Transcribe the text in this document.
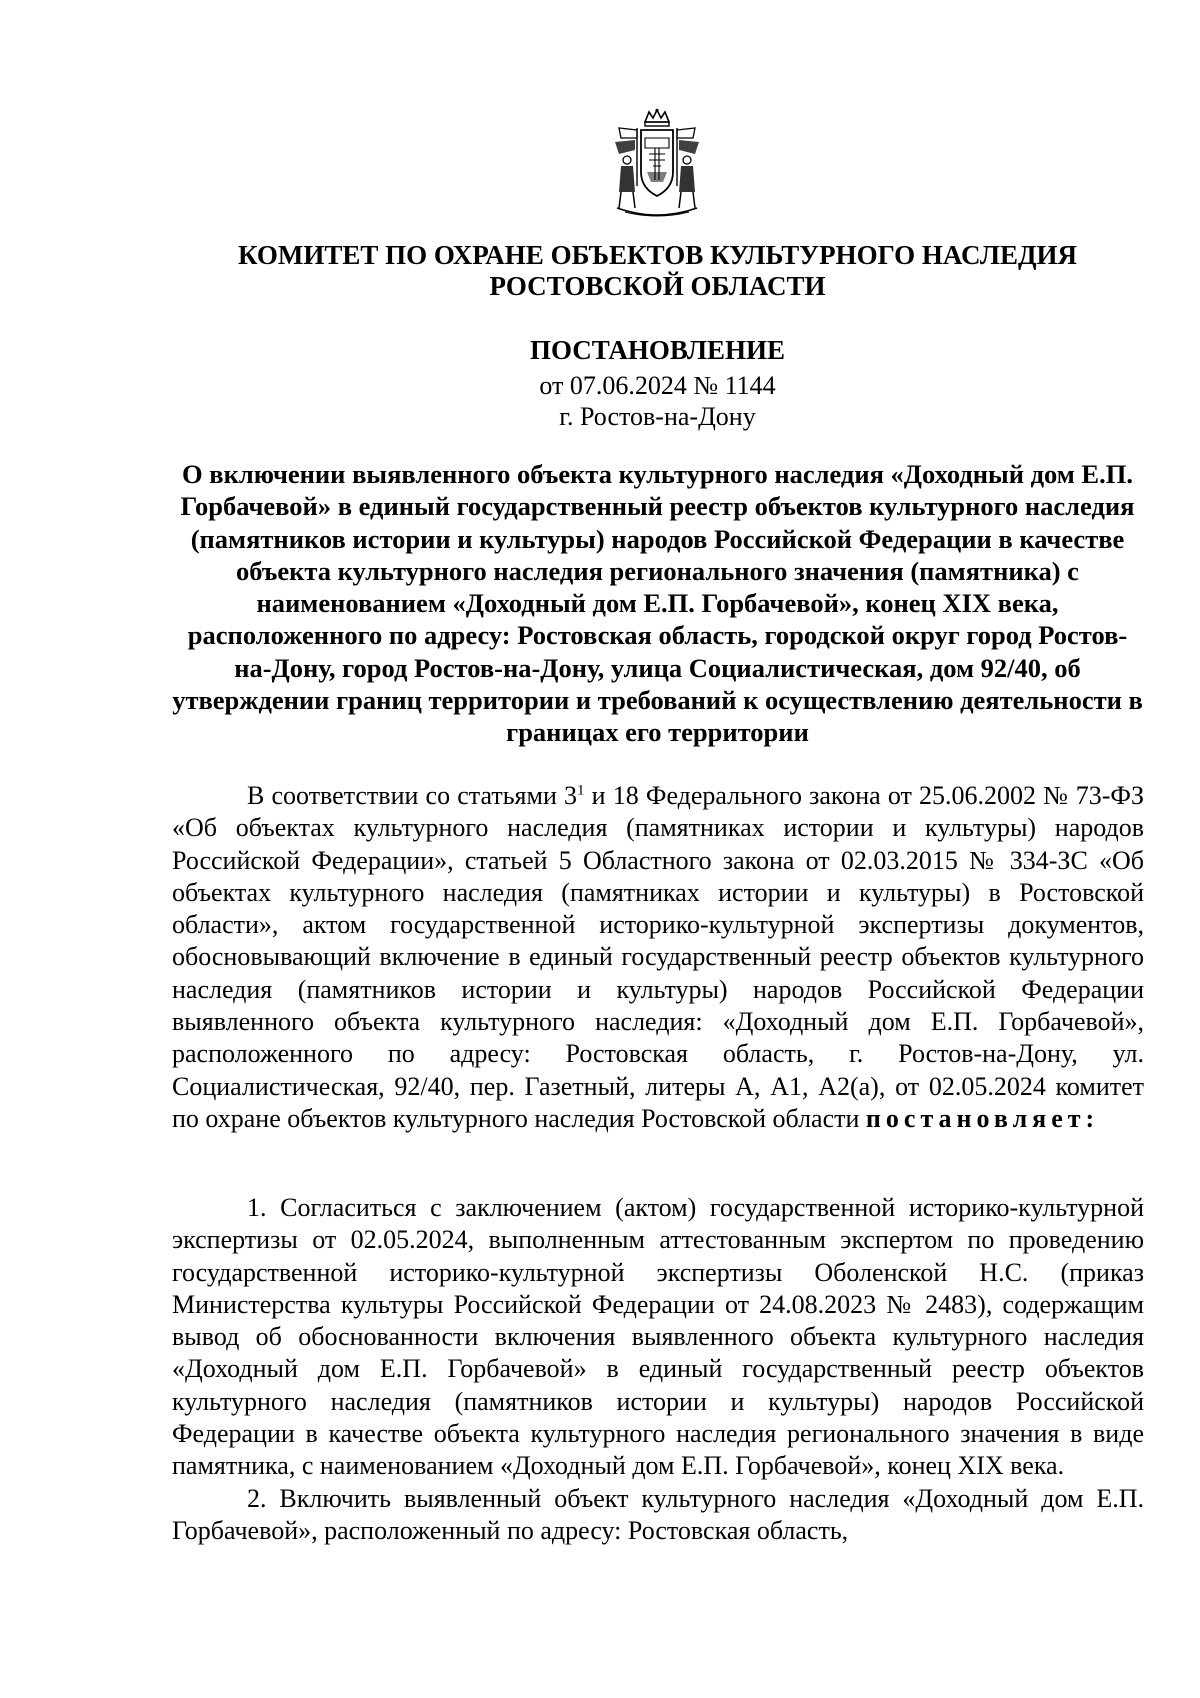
КОМИТЕТ ПО ОХРАНЕ ОБЪЕКТОВ КУЛЬТУРНОГО НАСЛЕДИЯ РОСТОВСКОЙ ОБЛАСТИ
ПОСТАНОВЛЕНИЕ
от 07.06.2024 № 1144
г. Ростов-на-Дону
О включении выявленного объекта культурного наследия «Доходный дом Е.П. Горбачевой» в единый государственный реестр объектов культурного наследия (памятников истории и культуры) народов Российской Федерации в качестве объекта культурного наследия регионального значения (памятника) с наименованием «Доходный дом Е.П. Горбачевой», конец XIX века, расположенного по адресу: Ростовская область, городской округ город Ростов-на-Дону, город Ростов-на-Дону, улица Социалистическая, дом 92/40, об утверждении границ территории и требований к осуществлению деятельности в границах его территории

В соответствии со статьями $3^1$ и 18 Федерального закона от 25.06.2002 № 73-ФЗ «Об объектах культурного наследия (памятниках истории и культуры) народов Российской Федерации», статьей 5 Областного закона от 02.03.2015 № 334-ЗС «Об объектах культурного наследия (памятниках истории и культуры) в Ростовской области», актом государственной историко-культурной экспертизы документов, обосновывающий включение в единый государственный реестр объектов культурного наследия (памятников истории и культуры) народов Российской Федерации выявленного объекта культурного наследия: «Доходный дом Е.П. Горбачевой», расположенного по адресу: Ростовская область, г. Ростов-на-Дону, ул. Социалистическая, 92/40, пер. Газетный, литеры А, А1, А2(а), от 02.05.2024 комитет по охране объектов культурного наследия Ростовской области постановляет:

1. Согласиться с заключением (актом) государственной историко-культурной экспертизы от 02.05.2024, выполненным аттестованным экспертом по проведению государственной историко-культурной экспертизы Оболенской Н.С. (приказ Министерства культуры Российской Федерации от 24.08.2023 № 2483), содержащим вывод об обоснованности включения выявленного объекта культурного наследия «Доходный дом Е.П. Горбачевой» в единый государственный реестр объектов культурного наследия (памятников истории и культуры) народов Российской Федерации в качестве объекта культурного наследия регионального значения в виде памятника, с наименованием «Доходный дом Е.П. Горбачевой», конец XIX века.

2. Включить выявленный объект культурного наследия «Доходный дом Е.П. Горбачевой», расположенный по адресу: Ростовская область,
